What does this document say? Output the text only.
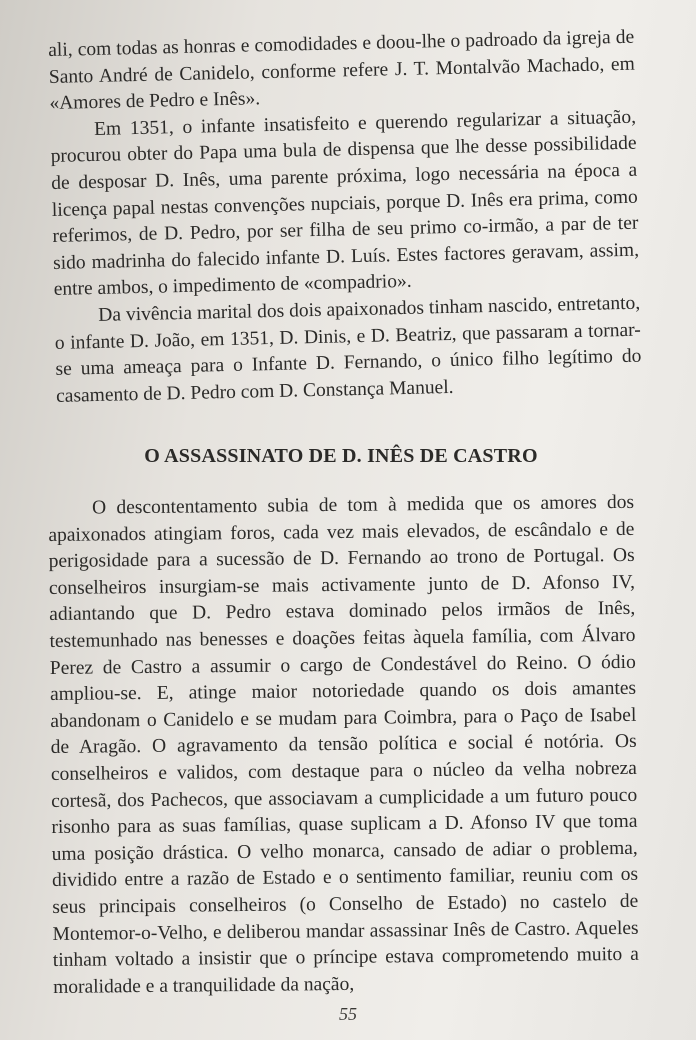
ali, com todas as honras e comodidades e doou-lhe o padroado da igreja de Santo André de Canidelo, conforme refere J. T. Montalvão Machado, em «Amores de Pedro e Inês».

Em 1351, o infante insatisfeito e querendo regularizar a situação, procurou obter do Papa uma bula de dispensa que lhe desse possibilidade de desposar D. Inês, uma parente próxima, logo necessária na época a licença papal nestas convenções nupciais, porque D. Inês era prima, como referimos, de D. Pedro, por ser filha de seu primo co-irmão, a par de ter sido madrinha do falecido infante D. Luís. Estes factores geravam, assim, entre ambos, o impedimento de «compadrio».

Da vivência marital dos dois apaixonados tinham nascido, entretanto, o infante D. João, em 1351, D. Dinis, e D. Beatriz, que passaram a tornar-se uma ameaça para o Infante D. Fernando, o único filho legítimo do casamento de D. Pedro com D. Constança Manuel.

O ASSASSINATO DE D. INÊS DE CASTRO

O descontentamento subia de tom à medida que os amores dos apaixonados atingiam foros, cada vez mais elevados, de escândalo e de perigosidade para a sucessão de D. Fernando ao trono de Portugal. Os conselheiros insurgiam-se mais activamente junto de D. Afonso IV, adiantando que D. Pedro estava dominado pelos irmãos de Inês, testemunhado nas benesses e doações feitas àquela família, com Álvaro Perez de Castro a assumir o cargo de Condestável do Reino. O ódio ampliou-se. E, atinge maior notoriedade quando os dois amantes abandonam o Canidelo e se mudam para Coimbra, para o Paço de Isabel de Aragão. O agravamento da tensão política e social é notória. Os conselheiros e validos, com destaque para o núcleo da velha nobreza cortesã, dos Pachecos, que associavam a cumplicidade a um futuro pouco risonho para as suas famílias, quase suplicam a D. Afonso IV que toma uma posição drástica. O velho monarca, cansado de adiar o problema, dividido entre a razão de Estado e o sentimento familiar, reuniu com os seus principais conselheiros (o Conselho de Estado) no castelo de Montemor-o-Velho, e deliberou mandar assassinar Inês de Castro. Aqueles tinham voltado a insistir que o príncipe estava comprometendo muito a moralidade e a tranquilidade da nação,

55
